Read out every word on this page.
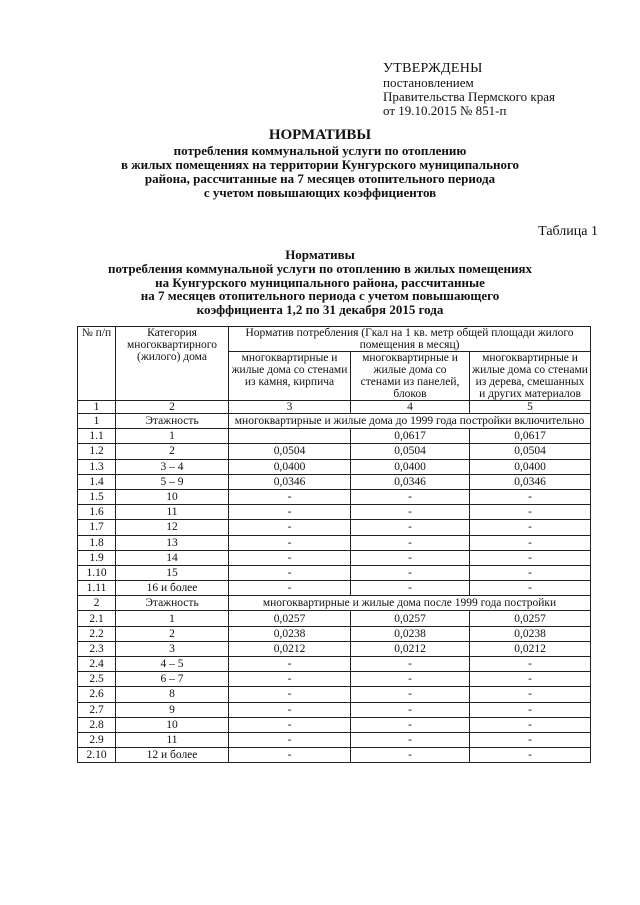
УТВЕРЖДЕНЫ
постановлением
Правительства Пермского края
от 19.10.2015 № 851-п
НОРМАТИВЫ
потребления коммунальной услуги по отоплению
в жилых помещениях на территории Кунгурского муниципального
района, рассчитанные на 7 месяцев отопительного периода
с учетом повышающих коэффициентов
Таблица 1
Нормативы
потребления коммунальной услуги по отоплению в жилых помещениях
на Кунгурского муниципального района, рассчитанные
на 7 месяцев отопительного периода с учетом повышающего
коэффициента 1,2 по 31 декабря 2015 года
№ п/п	Категория многоквартирного (жилого) дома	Норматив потребления (Гкал на 1 кв. метр общей площади жилого помещения в месяц)		
		многоквартирные и жилые дома со стенами из камня, кирпича	многоквартирные и жилые дома со стенами из панелей, блоков	многоквартирные и жилые дома со стенами из дерева, смешанных и других материалов
1	2	3	4	5
1	Этажность	многоквартирные и жилые дома до 1999 года постройки включительно		
1.1	1		0,0617	0,0617
1.2	2	0,0504	0,0504	0,0504
1.3	3 – 4	0,0400	0,0400	0,0400
1.4	5 – 9	0,0346	0,0346	0,0346
1.5	10	-	-	-
1.6	11	-	-	-
1.7	12	-	-	-
1.8	13	-	-	-
1.9	14	-	-	-
1.10	15	-	-	-
1.11	16 и более	-	-	-
2	Этажность	многоквартирные и жилые дома после 1999 года постройки		
2.1	1	0,0257	0,0257	0,0257
2.2	2	0,0238	0,0238	0,0238
2.3	3	0,0212	0,0212	0,0212
2.4	4 – 5	-	-	-
2.5	6 – 7	-	-	-
2.6	8	-	-	-
2.7	9	-	-	-
2.8	10	-	-	-
2.9	11	-	-	-
2.10	12 и более	-	-	-
